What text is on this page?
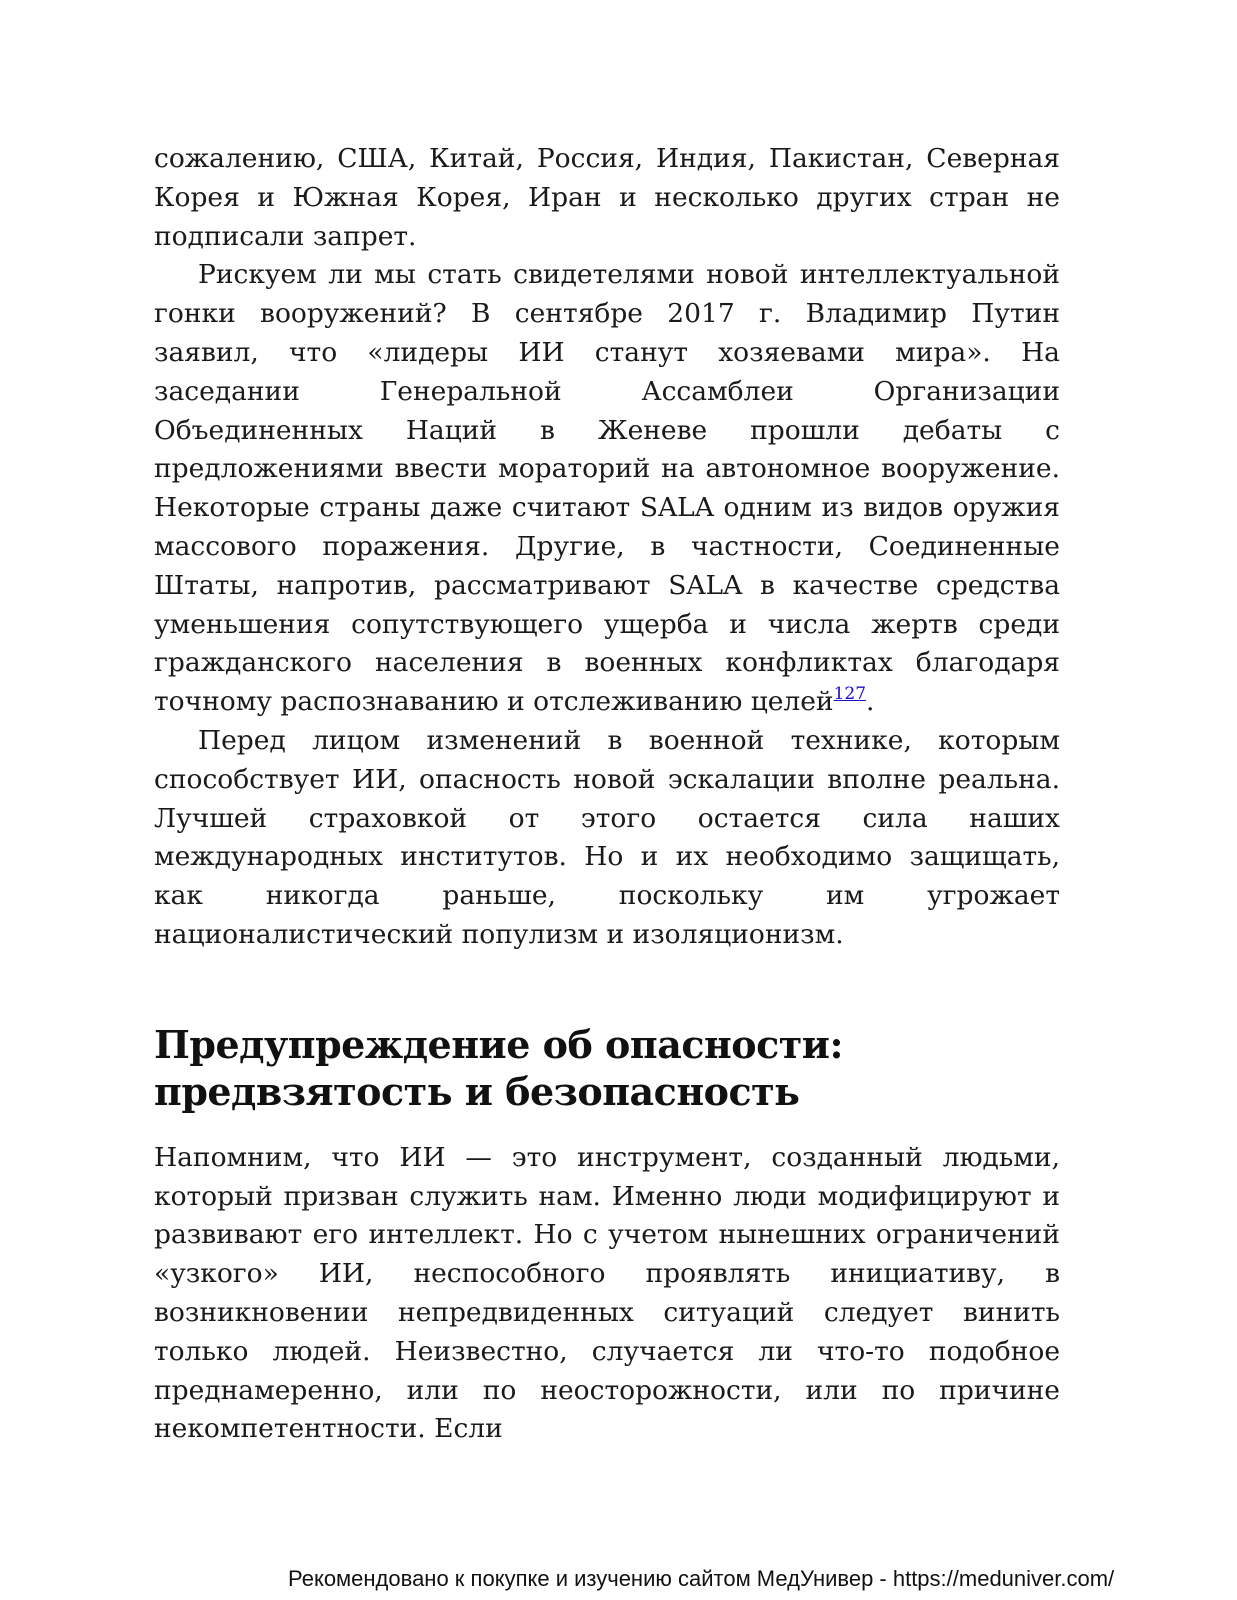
сожалению, США, Китай, Россия, Индия, Пакистан, Северная Корея и Южная Корея, Иран и несколько других стран не подписали запрет.

Рискуем ли мы стать свидетелями новой интеллектуальной гонки вооружений? В сентябре 2017 г. Владимир Путин заявил, что «лидеры ИИ станут хозяевами мира». На заседании Генеральной Ассамблеи Организации Объединенных Наций в Женеве прошли дебаты с предложениями ввести мораторий на автономное вооружение. Некоторые страны даже считают SALA одним из видов оружия массового поражения. Другие, в частности, Соединенные Штаты, напротив, рассматривают SALA в качестве средства уменьшения сопутствующего ущерба и числа жертв среди гражданского населения в военных конфликтах благодаря точному распознаванию и отслеживанию целей$^{127}$.

Перед лицом изменений в военной технике, которым способствует ИИ, опасность новой эскалации вполне реальна. Лучшей страховкой от этого остается сила наших международных институтов. Но и их необходимо защищать, как никогда раньше, поскольку им угрожает националистический популизм и изоляционизм.

Предупреждение об опасности:
предвзятость и безопасность

Напомним, что ИИ — это инструмент, созданный людьми, который призван служить нам. Именно люди модифицируют и развивают его интеллект. Но с учетом нынешних ограничений «узкого» ИИ, неспособного проявлять инициативу, в возникновении непредвиденных ситуаций следует винить только людей. Неизвестно, случается ли что-то подобное преднамеренно, или по неосторожности, или по причине некомпетентности. Если

Рекомендовано к покупке и изучению сайтом МедУнивер - https://meduniver.com/
